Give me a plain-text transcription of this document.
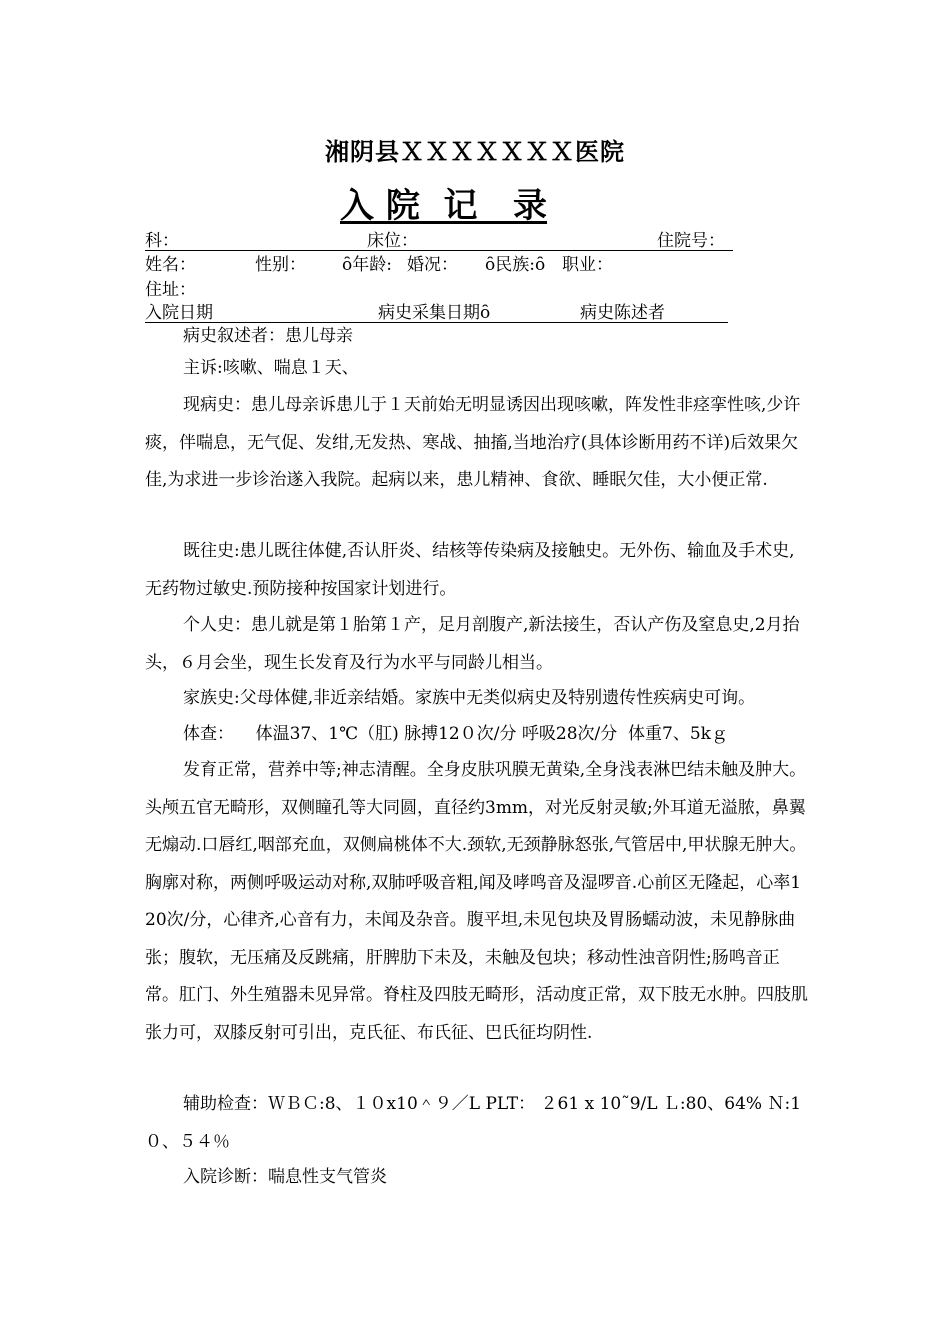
湘阴县ＸＸＸＸＸＸＸ医院
入 院  记   录
科：	床位：	住院号：
姓名：	性别： ȏ年龄: 婚况： ȏ民族:ȏ 职业：
住址：
入院日期	病史采集日期ȏ	病史陈述者

病史叙述者：患儿母亲

主诉:咳嗽、喘息１天、

现病史：患儿母亲诉患儿于１天前始无明显诱因出现咳嗽，阵发性非痉挛性咳,少许痰，伴喘息，无气促、发绀,无发热、寒战、抽搐,当地治疗(具体诊断用药不详)后效果欠佳,为求进一步诊治遂入我院。起病以来，患儿精神、食欲、睡眠欠佳，大小便正常.

既往史:患儿既往体健,否认肝炎、结核等传染病及接触史。无外伤、输血及手术史,无药物过敏史.预防接种按国家计划进行。

个人史：患儿就是第１胎第１产，足月剖腹产,新法接生，否认产伤及窒息史,2月抬头，６月会坐，现生长发育及行为水平与同龄儿相当。

家族史:父母体健,非近亲结婚。家族中无类似病史及特别遗传性疾病史可询。

体查：    体温37、1℃（肛) 脉搏12０次/分 呼吸28次/分  体重7、5kｇ

发育正常，营养中等;神志清醒。全身皮肤巩膜无黄染,全身浅表淋巴结未触及肿大。头颅五官无畸形，双侧瞳孔等大同圆，直径约3mm，对光反射灵敏;外耳道无溢脓，鼻翼无煽动.口唇红,咽部充血，双侧扁桃体不大.颈软,无颈静脉怒张,气管居中,甲状腺无肿大。胸廓对称，两侧呼吸运动对称,双肺呼吸音粗,闻及哮鸣音及湿啰音.心前区无隆起，心率120次/分，心律齐,心音有力，未闻及杂音。腹平坦,未见包块及胃肠蠕动波，未见静脉曲张；腹软，无压痛及反跳痛，肝脾肋下未及，未触及包块；移动性浊音阴性;肠鸣音正常。肛门、外生殖器未见异常。脊柱及四肢无畸形，活动度正常，双下肢无水肿。四肢肌张力可，双膝反射可引出，克氏征、布氏征、巴氏征均阴性.

辅助检查：ＷＢＣ:8、１０x10＾９／L PLT： ２61 x 10˜9/L Ｌ:80、64% Ｎ:1０、５４％

入院诊断：喘息性支气管炎
